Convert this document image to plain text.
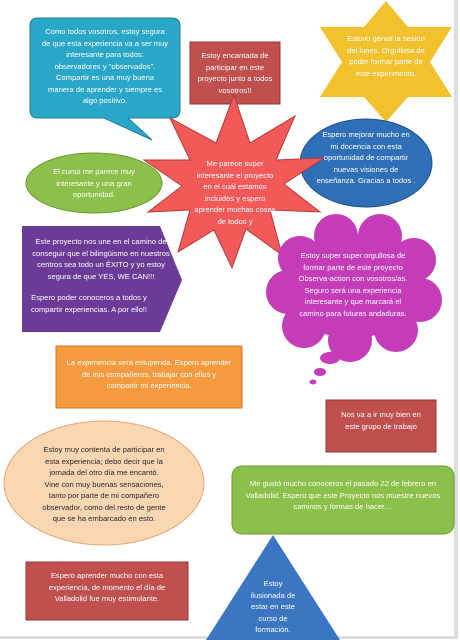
Como todos vosotros, estoy segura
de que esta experiencia va a ser muy
interesante para todos:
observadores y "observados".
Compartir es una muy buena
manera de aprender y siempre es
algo positivo.

Estoy encantada de
participar en este
proyecto junto a todos
vosotros!!

Estuvo genial la sesión
del lunes. Orgullosa de
poder formar parte de
este experimento.

Espero mejorar mucho en
mi docencia con esta
oportunidad de compartir
nuevas visiones de
enseñanza. Gracias a todos .

El curso me parece muy
interesante y una gran
oportunidad.

Me parece super
interesante el proyecto
en el cuál estamos
incluidos y espero
aprender muchas cosas
de todos y

Este proyecto nos une en el camino de
conseguir que el bilingüismo en nuestros
centros sea todo un ÉXITO y yo estoy
segura de que YES, WE CAN!!!

Espero poder conoceros a todos y
compartir experiencias. A por ello!!

Estoy super super orgullosa de
formar parte de este proyecto
Observa-action con vosotros/as.
Seguro será una experiencia
interesante y que marcará el
camino para futuras andaduras.

La experiencia será estupenda. Espero aprender
de mis compañeros, trabajar con ellos y
compartir mi experiencia.

Nos va a ir muy bien en
este grupo de trabajo

Estoy muy contenta de participar en
esta experiencia; debo decir que la
jornada del otro día me encantó.
Vine con muy buenas sensaciones,
tanto por parte de mi compañero
observador, como del resto de gente
que se ha embarcado en esto.

Me gustó mucho conoceros el pasado 22 de febrero en
Valladolid. Espero que este Proyecto nos muestre nuevos
caminos y formas de hacer....

Espero aprender mucho con esta
experiencia, de momento el día de
Valladolid fue muy estimulante.

Estoy
ilusionada de
estar en este
curso de
formación.
